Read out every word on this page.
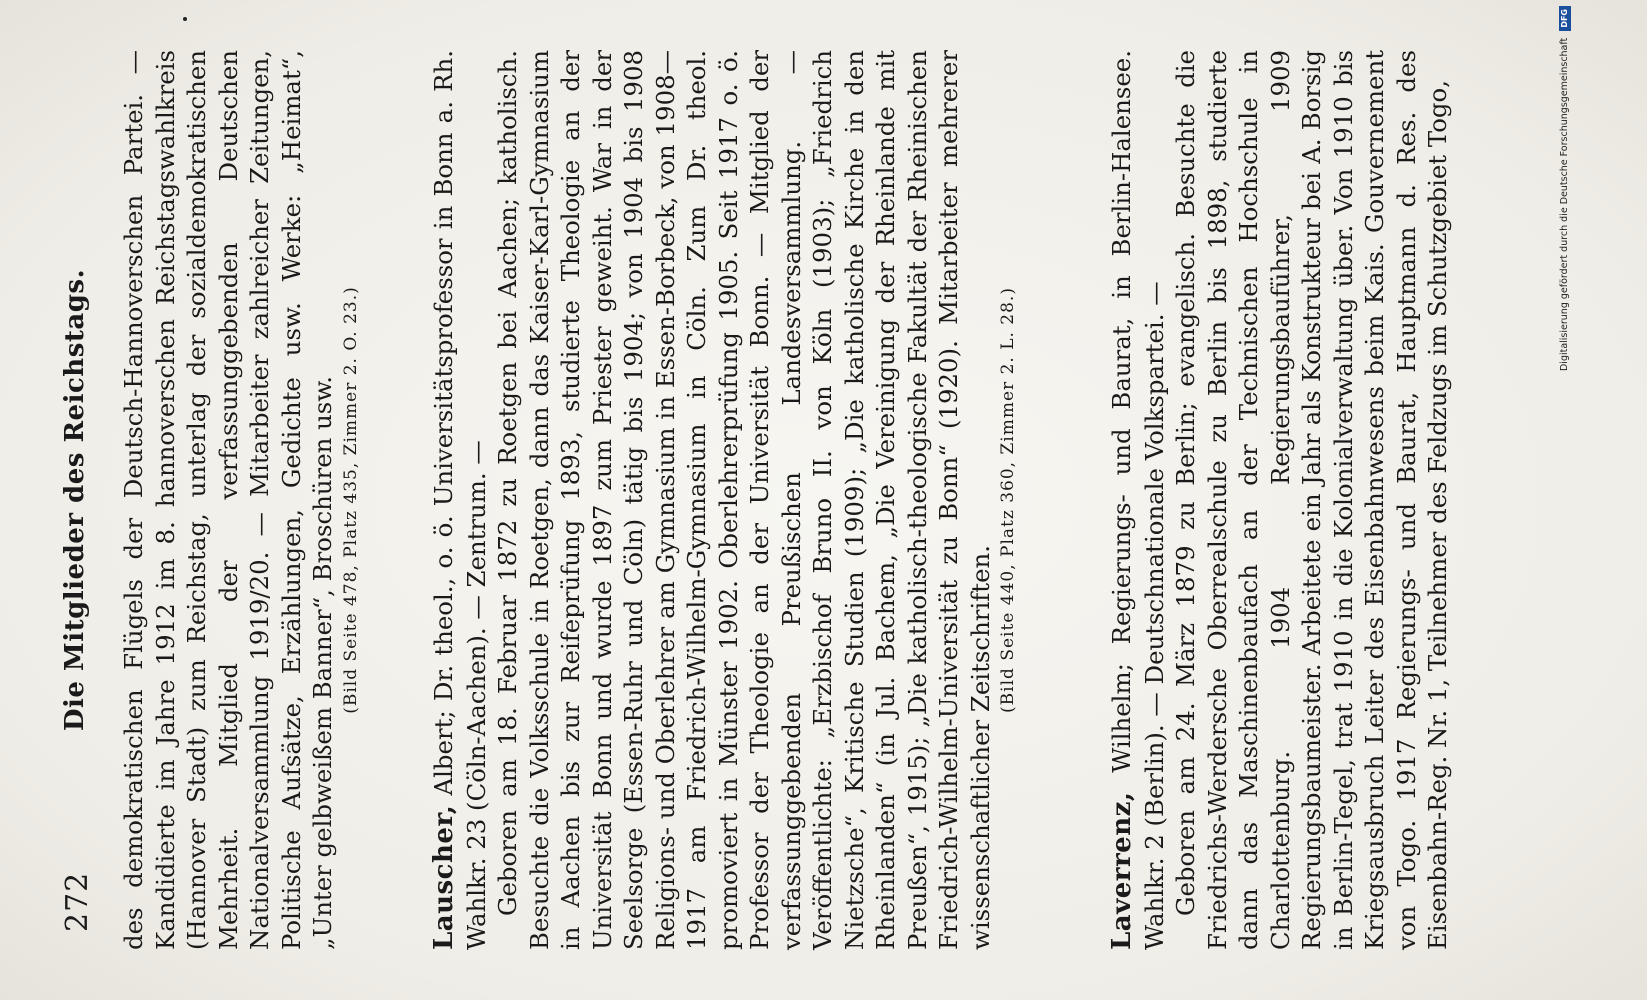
272
Die Mitglieder des Reichstags. des demokratischen Flügels der Deutsch-Hannoverschen Partei. — Kandidierte im Jahre 1912 im 8. hannoverschen Reichstagswahlkreis (Hannover Stadt) zum Reichstag, unterlag der sozialdemokratischen Mehrheit. Mitglied der verfassunggebenden Deutschen Nationalversammlung 1919/20. — Mitarbeiter zahlreicher Zeitungen, Politische Aufsätze, Erzählungen, Gedichte usw. Werke: „Heimat“, „Unter gelbweißem Banner“, Broschüren usw. (Bild Seite 478, Platz 435, Zimmer 2. O. 23.)

Lauscher, Albert; Dr. theol., o. ö. Universitätsprofessor in Bonn a. Rh. Wahlkr. 23 (Cöln-Aachen). — Zentrum. — Geboren am 18. Februar 1872 zu Roetgen bei Aachen; katholisch. Besuchte die Volksschule in Roetgen, dann das Kaiser-Karl-Gymnasium in Aachen bis zur Reifeprüfung 1893, studierte Theologie an der Universität Bonn und wurde 1897 zum Priester geweiht. War in der Seelsorge (Essen-Ruhr und Cöln) tätig bis 1904; von 1904 bis 1908 Religions- und Oberlehrer am Gymnasium in Essen-Borbeck, von 1908—1917 am Friedrich-Wilhelm-Gymnasium in Cöln. Zum Dr. theol. promoviert in Münster 1902. Oberlehrerprüfung 1905. Seit 1917 o. ö. Professor der Theologie an der Universität Bonn. — Mitglied der verfassunggebenden Preußischen Landesversammlung. — Veröffentlichte: „Erzbischof Bruno II. von Köln (1903); „Friedrich Nietzsche“, Kritische Studien (1909); „Die katholische Kirche in den Rheinlanden“ (in Jul. Bachem, „Die Vereinigung der Rheinlande mit Preußen“, 1915); „Die katholisch-theologische Fakultät der Rheinischen Friedrich-Wilhelm-Universität zu Bonn“ (1920). Mitarbeiter mehrerer wissenschaftlicher Zeitschriften.

(Bild Seite 440, Platz 360, Zimmer 2. L. 28.)

Laverrenz, Wilhelm; Regierungs- und Baurat, in Berlin-Halensee. Wahlkr. 2 (Berlin). — Deutschnationale Volkspartei. — Geboren am 24. März 1879 zu Berlin; evangelisch. Besuchte die Friedrichs-Werdersche Oberrealschule zu Berlin bis 1898, studierte dann das Maschinenbaufach an der Technischen Hochschule in Charlottenburg. 1904 Regierungsbauführer, 1909 Regierungsbaumeister. Arbeitete ein Jahr als Konstrukteur bei A. Borsig in Berlin-Tegel, trat 1910 in die Kolonialverwaltung über. Von 1910 bis Kriegsausbruch Leiter des Eisenbahnwesens beim Kais. Gouvernement von Togo. 1917 Regierungs- und Baurat, Hauptmann d. Res. des Eisenbahn-Reg. Nr. 1, Teilnehmer des Feldzugs im Schutzgebiet Togo,	Digitalisierung gefördert durch die Deutsche Forschungsgemeinschaft DFG
